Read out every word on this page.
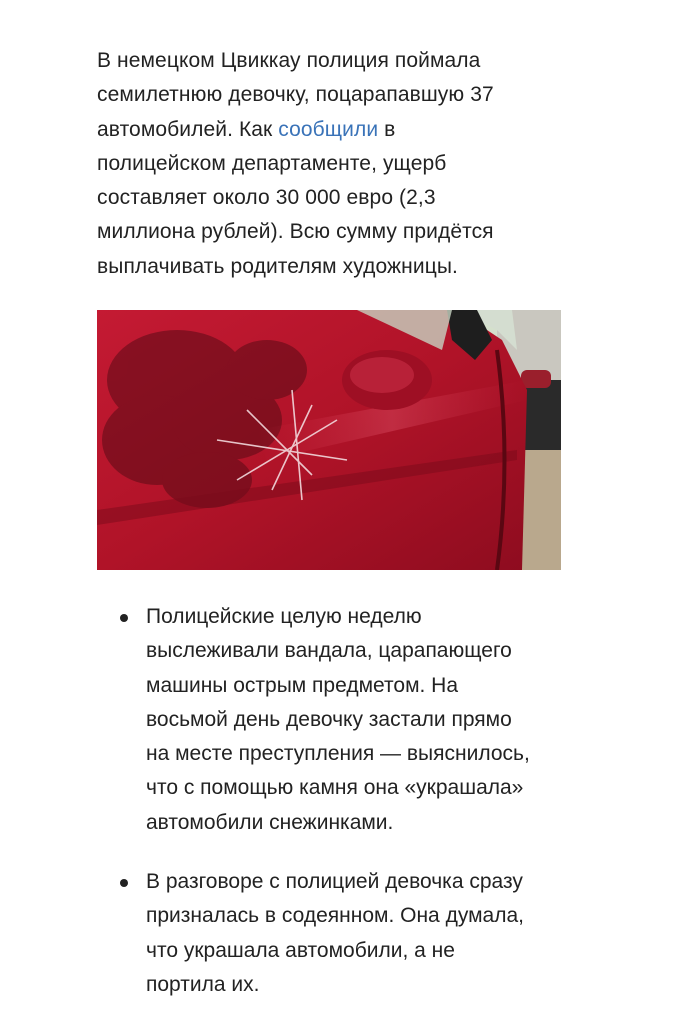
В немецком Цвиккау полиция поймала
семилетнюю девочку, поцарапавшую 37
автомобилей. Как сообщили в
полицейском департаменте, ущерб
составляет около 30 000 евро (2,3
миллиона рублей). Всю сумму придётся
выплачивать родителям художницы.

Полицейские целую неделю
выслеживали вандала, царапающего
машины острым предметом. На
восьмой день девочку застали прямо
на месте преступления — выяснилось,
что с помощью камня она «украшала»
автомобили снежинками.
В разговоре с полицией девочка сразу
призналась в содеянном. Она думала,
что украшала автомобили, а не
портила их.
